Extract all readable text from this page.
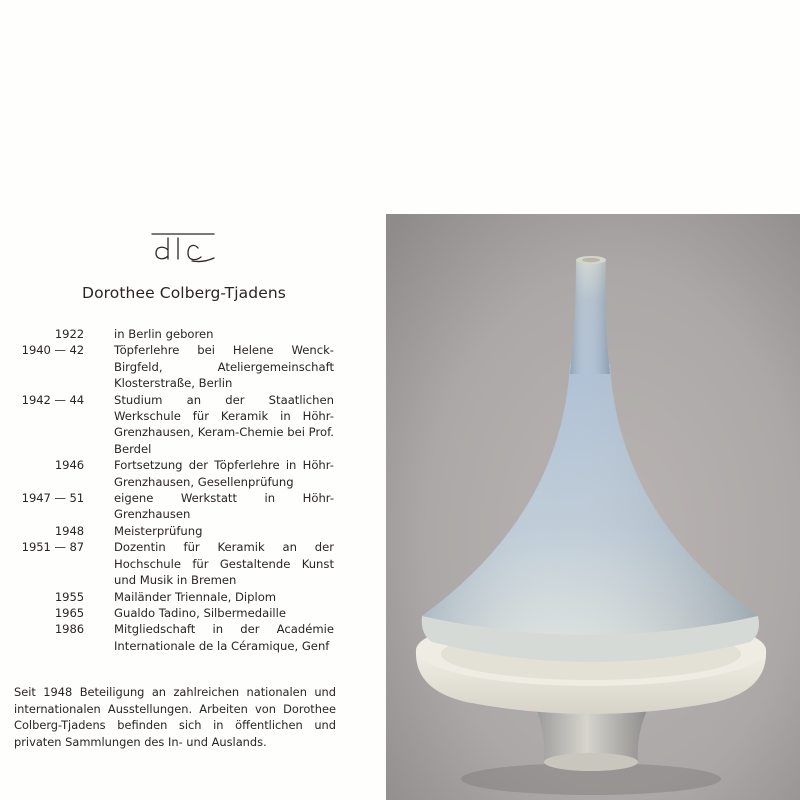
Dorothee Colberg-Tjadens
1922	in Berlin geboren
1940 — 42	Töpferlehre bei Helene Wenck-Birgfeld, Ateliergemeinschaft Klosterstraße, Berlin
1942 — 44	Studium an der Staatlichen Werkschule für Keramik in Höhr-Grenzhausen, Keram-Chemie bei Prof. Berdel
1946	Fortsetzung der Töpferlehre in Höhr-Grenzhausen, Gesellenprüfung
1947 — 51	eigene Werkstatt in Höhr-Grenzhausen
1948	Meisterprüfung
1951 — 87	Dozentin für Keramik an der Hochschule für Gestaltende Kunst und Musik in Bremen
1955	Mailänder Triennale, Diplom
1965	Gualdo Tadino, Silbermedaille
1986	Mitgliedschaft in der Académie Internationale de la Céramique, Genf
Seit 1948 Beteiligung an zahlreichen nationalen und internationalen Ausstellungen. Arbeiten von Dorothee Colberg-Tjadens befinden sich in öffentlichen und privaten Sammlungen des In- und Auslands.
